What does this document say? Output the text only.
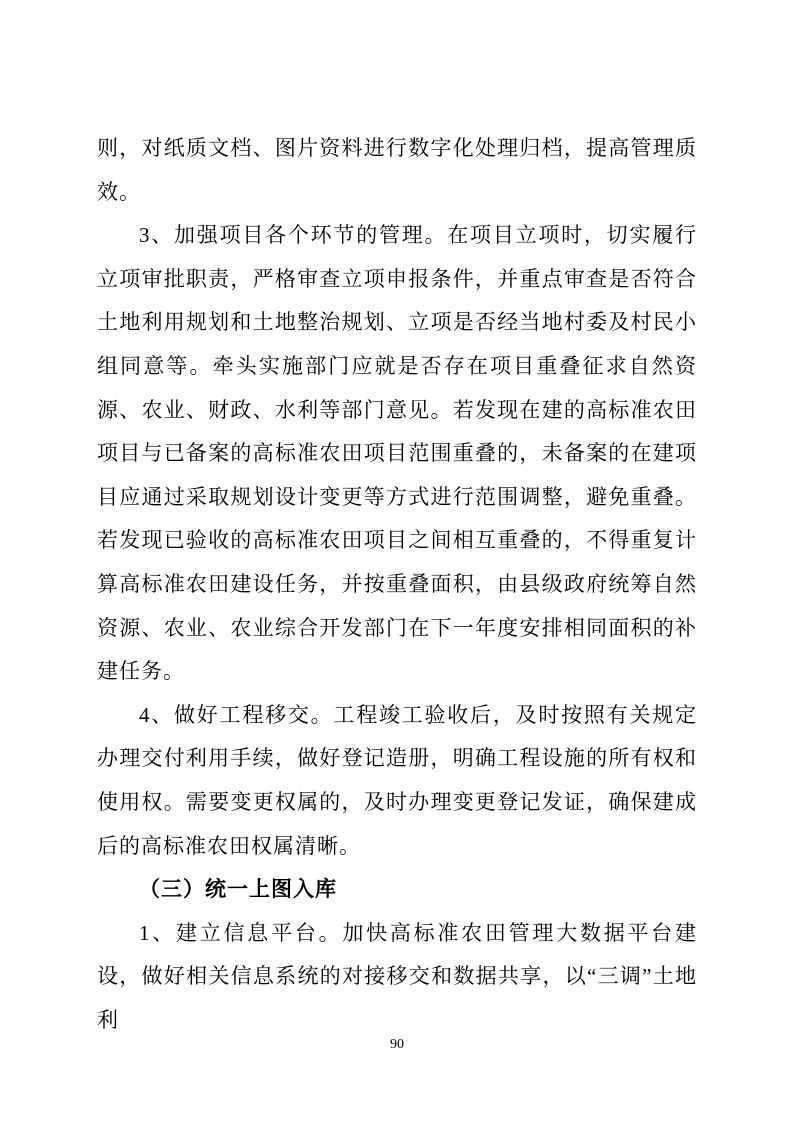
则，对纸质文档、图片资料进行数字化处理归档，提高管理质效。

3、加强项目各个环节的管理。在项目立项时，切实履行立项审批职责，严格审查立项申报条件，并重点审查是否符合土地利用规划和土地整治规划、立项是否经当地村委及村民小组同意等。牵头实施部门应就是否存在项目重叠征求自然资源、农业、财政、水利等部门意见。若发现在建的高标准农田项目与已备案的高标准农田项目范围重叠的，未备案的在建项目应通过采取规划设计变更等方式进行范围调整，避免重叠。若发现已验收的高标准农田项目之间相互重叠的，不得重复计算高标准农田建设任务，并按重叠面积，由县级政府统筹自然资源、农业、农业综合开发部门在下一年度安排相同面积的补建任务。

4、做好工程移交。工程竣工验收后，及时按照有关规定办理交付利用手续，做好登记造册，明确工程设施的所有权和使用权。需要变更权属的，及时办理变更登记发证，确保建成后的高标准农田权属清晰。

（三）统一上图入库

1、建立信息平台。加快高标准农田管理大数据平台建设，做好相关信息系统的对接移交和数据共享，以“三调”土地利

90
